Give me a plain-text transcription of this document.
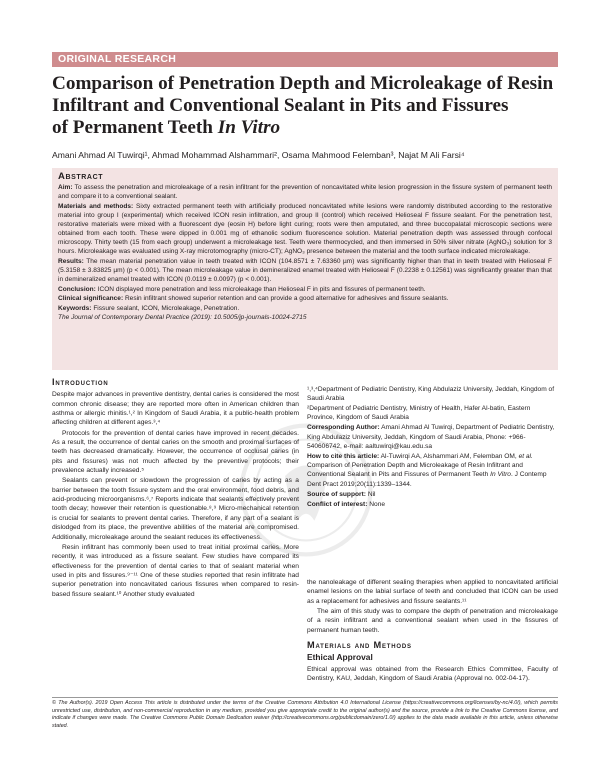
ORIGINAL RESEARCH
Comparison of Penetration Depth and Microleakage of Resin
Infiltrant and Conventional Sealant in Pits and Fissures
of Permanent Teeth In Vitro
Amani Ahmad Al Tuwirqi¹, Ahmad Mohammad Alshammari², Osama Mahmood Felemban³, Najat M Ali Farsi⁴
Abstract

Aim: To assess the penetration and microleakage of a resin infiltrant for the prevention of noncavitated white lesion progression in the fissure system of permanent teeth and compare it to a conventional sealant.

Materials and methods: Sixty extracted permanent teeth with artificially produced noncavitated white lesions were randomly distributed according to the restorative material into group I (experimental) which received ICON resin infiltration, and group II (control) which received Helioseal F fissure sealant. For the penetration test, restorative materials were mixed with a fluorescent dye (eosin H) before light curing; roots were then amputated, and three buccopalatal microscopic sections were obtained from each tooth. These were dipped in 0.001 mg of ethanolic sodium fluorescence solution. Material penetration depth was assessed through confocal microscopy. Thirty teeth (15 from each group) underwent a microleakage test. Teeth were thermocycled, and then immersed in 50% silver nitrate (AgNO₃) solution for 3 hours. Microleakage was evaluated using X-ray microtomography (micro-CT); AgNO₃ presence between the material and the tooth surface indicated microleakage.

Results: The mean material penetration value in teeth treated with ICON (104.8571 ± 7.63360 µm) was significantly higher than that in teeth treated with Helioseal F (5.3158 ± 3.83825 µm) (p < 0.001). The mean microleakage value in demineralized enamel treated with Helioseal F (0.2238 ± 0.12561) was significantly greater than that in demineralized enamel treated with ICON (0.0119 ± 0.0097) (p < 0.001).

Conclusion: ICON displayed more penetration and less microleakage than Helioseal F in pits and fissures of permanent teeth.

Clinical significance: Resin infiltrant showed superior retention and can provide a good alternative for adhesives and fissure sealants.

Keywords: Fissure sealant, ICON, Microleakage, Penetration.

The Journal of Contemporary Dental Practice (2019): 10.5005/jp-journals-10024-2715

Introduction

Despite major advances in preventive dentistry, dental caries is considered the most common chronic disease; they are reported more often in American children than asthma or allergic rhinitis.¹,² In Kingdom of Saudi Arabia, it a public-health problem affecting children at different ages.³,⁴

Protocols for the prevention of dental caries have improved in recent decades. As a result, the occurrence of dental caries on the smooth and proximal surfaces of teeth has decreased dramatically. However, the occurrence of occlusal caries (in pits and fissures) was not much affected by the preventive protocols; their prevalence actually increased.⁵

Sealants can prevent or slowdown the progression of caries by acting as a barrier between the tooth fissure system and the oral environment, food debris, and acid-producing microorganisms.⁶,⁷ Reports indicate that sealants effectively prevent tooth decay; however their retention is questionable.⁸,⁹ Micro-mechanical retention is crucial for sealants to prevent dental caries. Therefore, if any part of a sealant is dislodged from its place, the preventive abilities of the material are compromised. Additionally, microleakage around the sealant reduces its effectiveness.

Resin infiltrant has commonly been used to treat initial proximal caries. More recently, it was introduced as a fissure sealant. Few studies have compared its effectiveness for the prevention of dental caries to that of sealant material when used in pits and fissures.⁹⁻¹¹ One of these studies reported that resin infiltrate had superior penetration into noncavitated carious fissures when compared to resin-based fissure sealant.¹⁰ Another study evaluated

¹,³,⁴Department of Pediatric Dentistry, King Abdulaziz University, Jeddah, Kingdom of Saudi Arabia

²Department of Pediatric Dentistry, Ministry of Health, Hafer Al-batin, Eastern Province, Kingdom of Saudi Arabia

Corresponding Author: Amani Ahmad Al Tuwirqi, Department of Pediatric Dentistry, King Abdulaziz University, Jeddah, Kingdom of Saudi Arabia, Phone: +966-540606742, e-mail: aaltuwirqi@kau.edu.sa

How to cite this article: Al-Tuwirqi AA, Alshammari AM, Felemban OM, et al. Comparison of Penetration Depth and Microleakage of Resin Infiltrant and Conventional Sealant in Pits and Fissures of Permanent Teeth In Vitro. J Contemp Dent Pract 2019;20(11):1339–1344.

Source of support: Nil

Conflict of interest: None

the nanoleakage of different sealing therapies when applied to noncavitated artificial enamel lesions on the labial surface of teeth and concluded that ICON can be used as a replacement for adhesives and fissure sealants.¹¹

The aim of this study was to compare the depth of penetration and microleakage of a resin infiltrant and a conventional sealant when used in the fissures of permanent human teeth.

Materials and Methods
Ethical Approval

Ethical approval was obtained from the Research Ethics Committee, Faculty of Dentistry, KAU, Jeddah, Kingdom of Saudi Arabia (Approval no. 002-04-17).

© The Author(s). 2019 Open Access This article is distributed under the terms of the Creative Commons Attribution 4.0 International License (https://creativecommons.org/licenses/by-nc/4.0/), which permits unrestricted use, distribution, and non-commercial reproduction in any medium, provided you give appropriate credit to the original author(s) and the source, provide a link to the Creative Commons license, and indicate if changes were made. The Creative Commons Public Domain Dedication waiver (http://creativecommons.org/publicdomain/zero/1.0/) applies to the data made available in this article, unless otherwise stated.
